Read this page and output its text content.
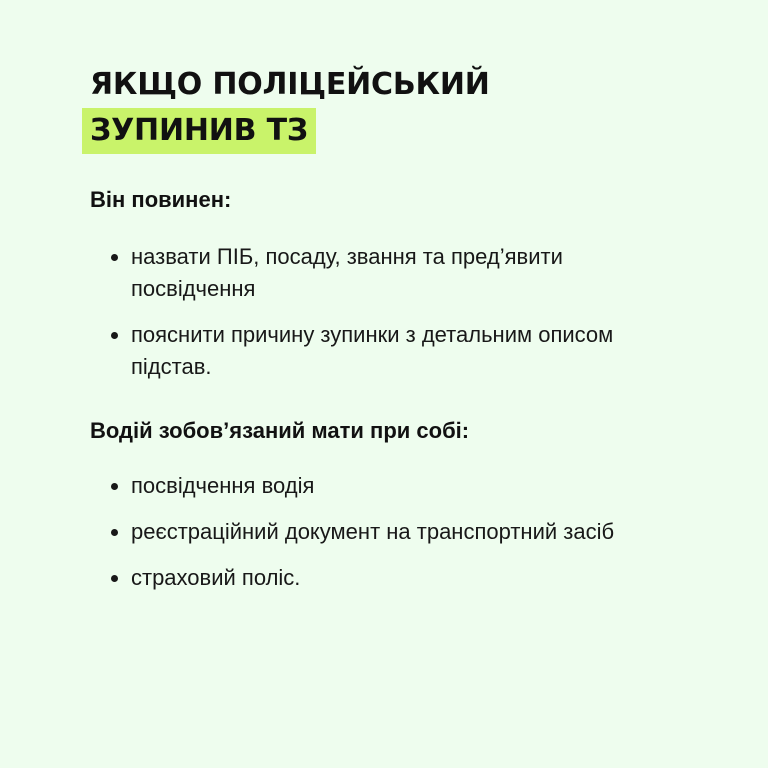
ЯКЩО ПОЛІЦЕЙСЬКИЙ
ЗУПИНИВ ТЗ
Він повинен:
назвати ПІБ, посаду, звання та пред’явити посвідчення
пояснити причину зупинки з детальним описом підстав.
Водій зобов’язаний мати при собі:
посвідчення водія
реєстраційний документ на транспортний засіб
страховий поліс.
